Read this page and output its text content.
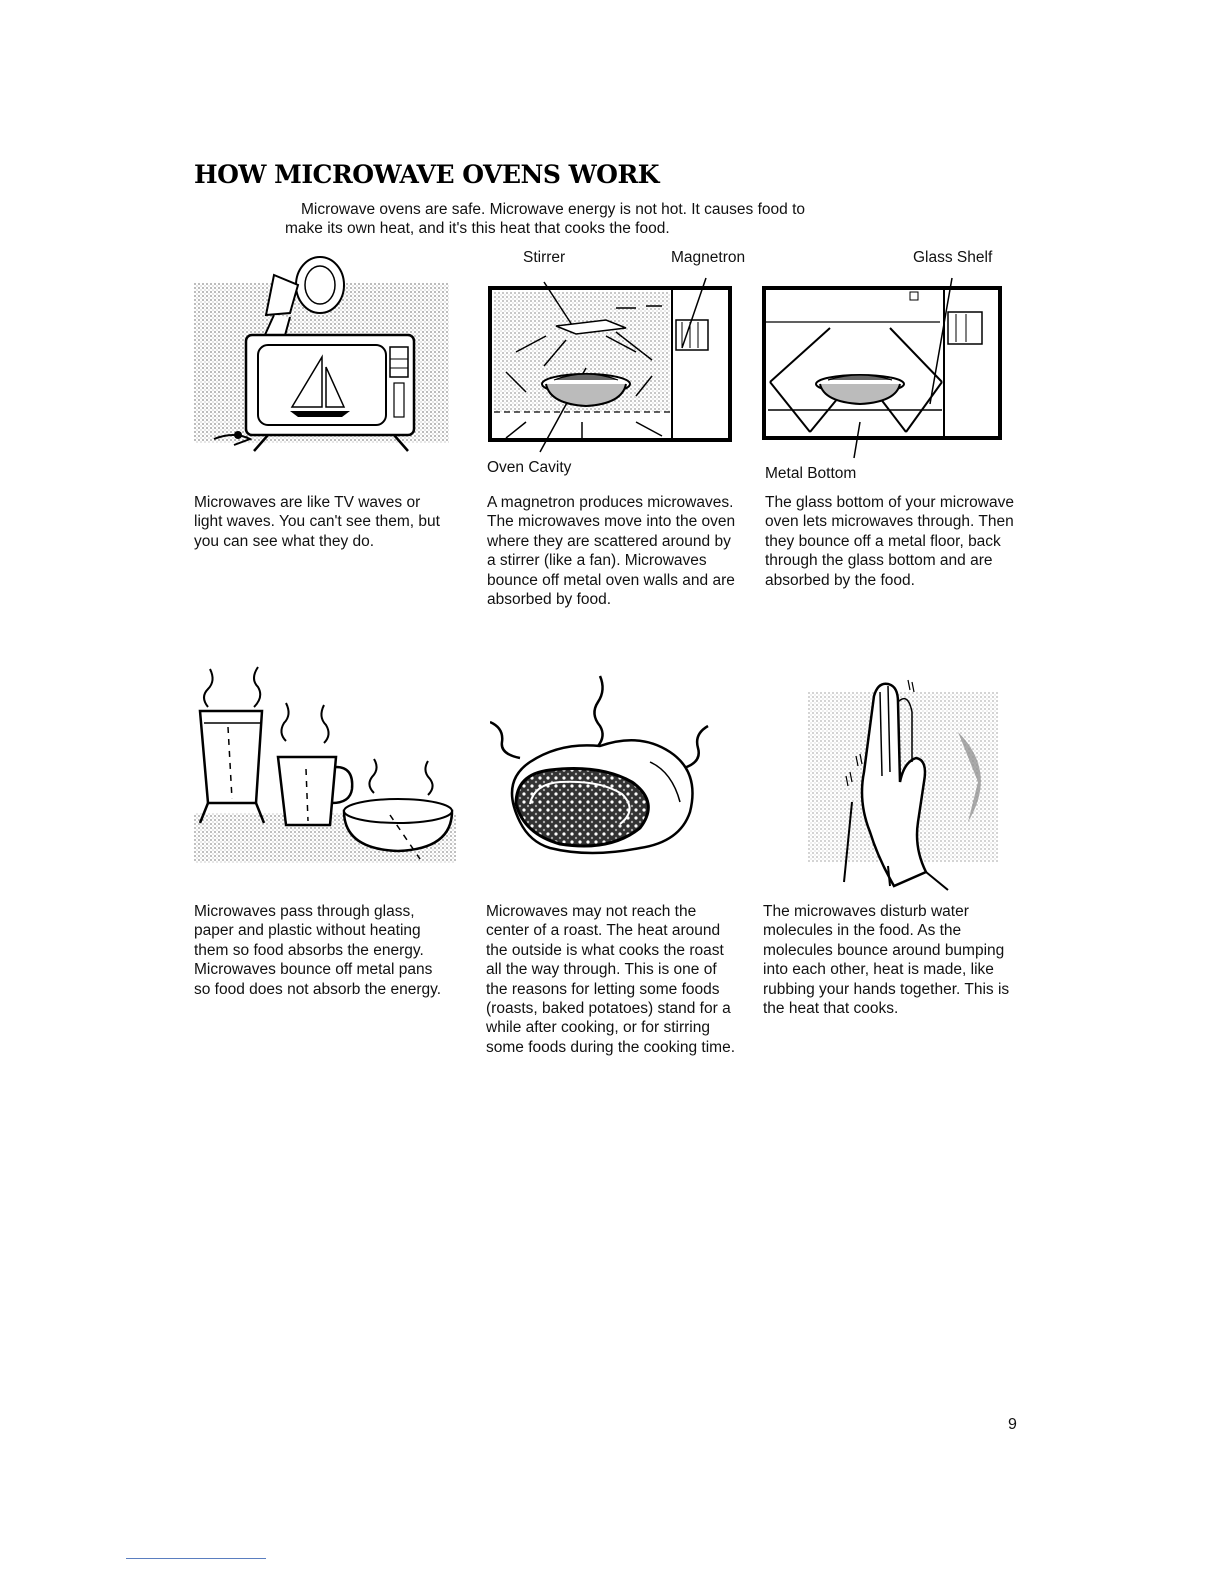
HOW MICROWAVE OVENS WORK
Microwave ovens are safe. Microwave energy is not hot. It causes food to
make its own heat, and it's this heat that cooks the food.
Stirrer	Magnetron	Glass Shelf
Oven Cavity	Metal Bottom
Microwaves are like TV waves or light waves. You can't see them, but you can see what they do.
A magnetron produces microwaves. The microwaves move into the oven where they are scattered around by a stirrer (like a fan). Microwaves bounce off metal oven walls and are absorbed by food.
The glass bottom of your microwave oven lets microwaves through. Then they bounce off a metal floor, back through the glass bottom and are absorbed by the food.
Microwaves pass through glass, paper and plastic without heating them so food absorbs the energy. Microwaves bounce off metal pans so food does not absorb the energy.
Microwaves may not reach the center of a roast. The heat around the outside is what cooks the roast all the way through. This is one of the reasons for letting some foods (roasts, baked potatoes) stand for a while after cooking, or for stirring some foods during the cooking time.
The microwaves disturb water molecules in the food. As the molecules bounce around bumping into each other, heat is made, like rubbing your hands together. This is the heat that cooks.
9
